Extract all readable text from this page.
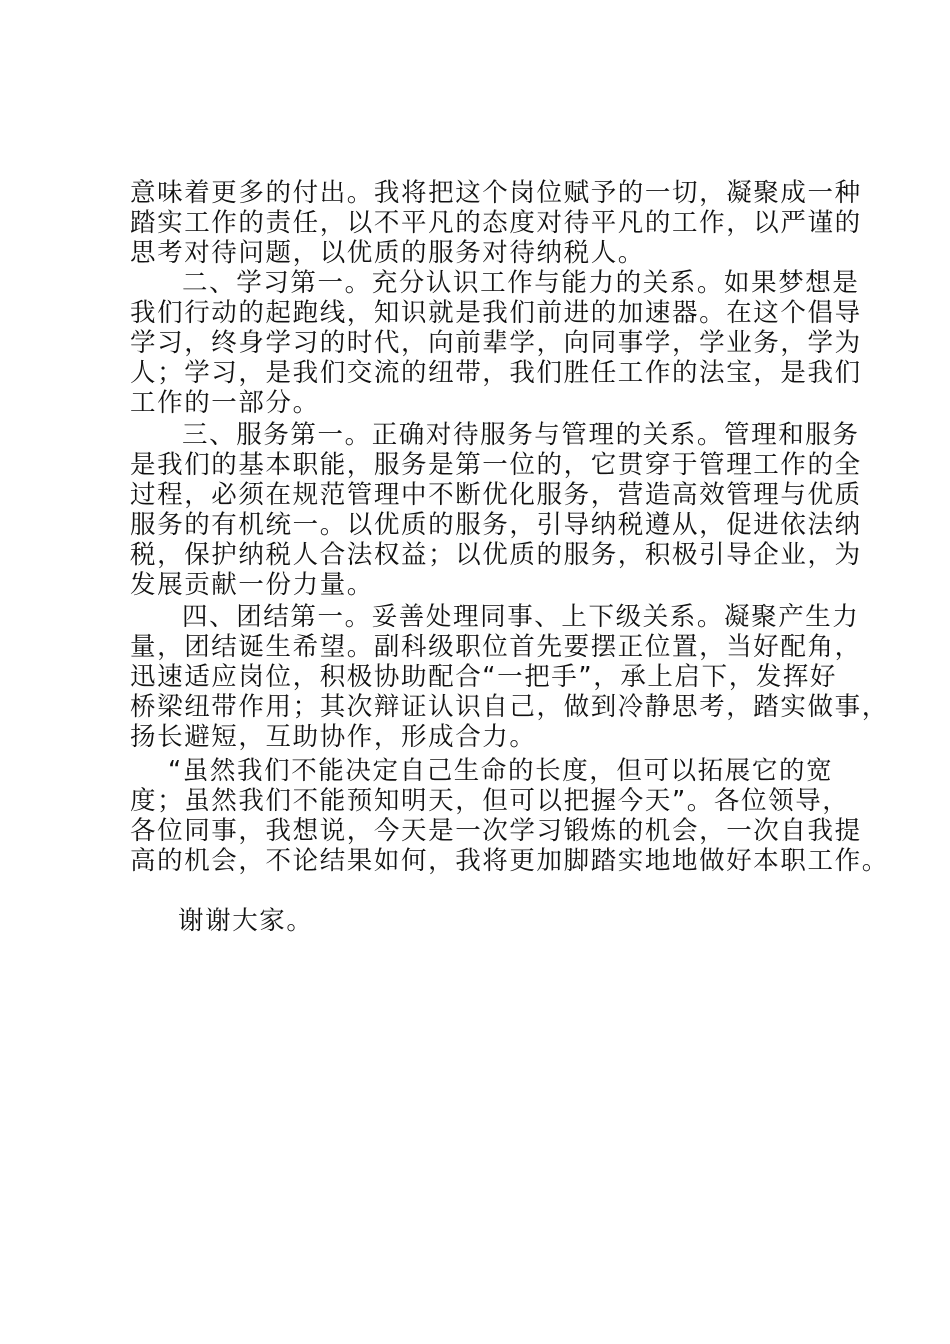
意味着更多的付出。我将把这个岗位赋予的一切，凝聚成一种
踏实工作的责任，以不平凡的态度对待平凡的工作，以严谨的
思考对待问题，以优质的服务对待纳税人。
二、学习第一。充分认识工作与能力的关系。如果梦想是
我们行动的起跑线，知识就是我们前进的加速器。在这个倡导
学习，终身学习的时代，向前辈学，向同事学，学业务，学为
人；学习，是我们交流的纽带，我们胜任工作的法宝，是我们
工作的一部分。
三、服务第一。正确对待服务与管理的关系。管理和服务
是我们的基本职能，服务是第一位的，它贯穿于管理工作的全
过程，必须在规范管理中不断优化服务，营造高效管理与优质
服务的有机统一。以优质的服务，引导纳税遵从，促进依法纳
税，保护纳税人合法权益；以优质的服务，积极引导企业，为
发展贡献一份力量。
四、团结第一。妥善处理同事、上下级关系。凝聚产生力
量，团结诞生希望。副科级职位首先要摆正位置，当好配角，
迅速适应岗位，积极协助配合“一把手”，承上启下，发挥好
桥梁纽带作用；其次辩证认识自己，做到冷静思考，踏实做事，
扬长避短，互助协作，形成合力。
“虽然我们不能决定自己生命的长度，但可以拓展它的宽
度；虽然我们不能预知明天，但可以把握今天”。各位领导，
各位同事，我想说，今天是一次学习锻炼的机会，一次自我提
高的机会，不论结果如何，我将更加脚踏实地地做好本职工作。
谢谢大家。
